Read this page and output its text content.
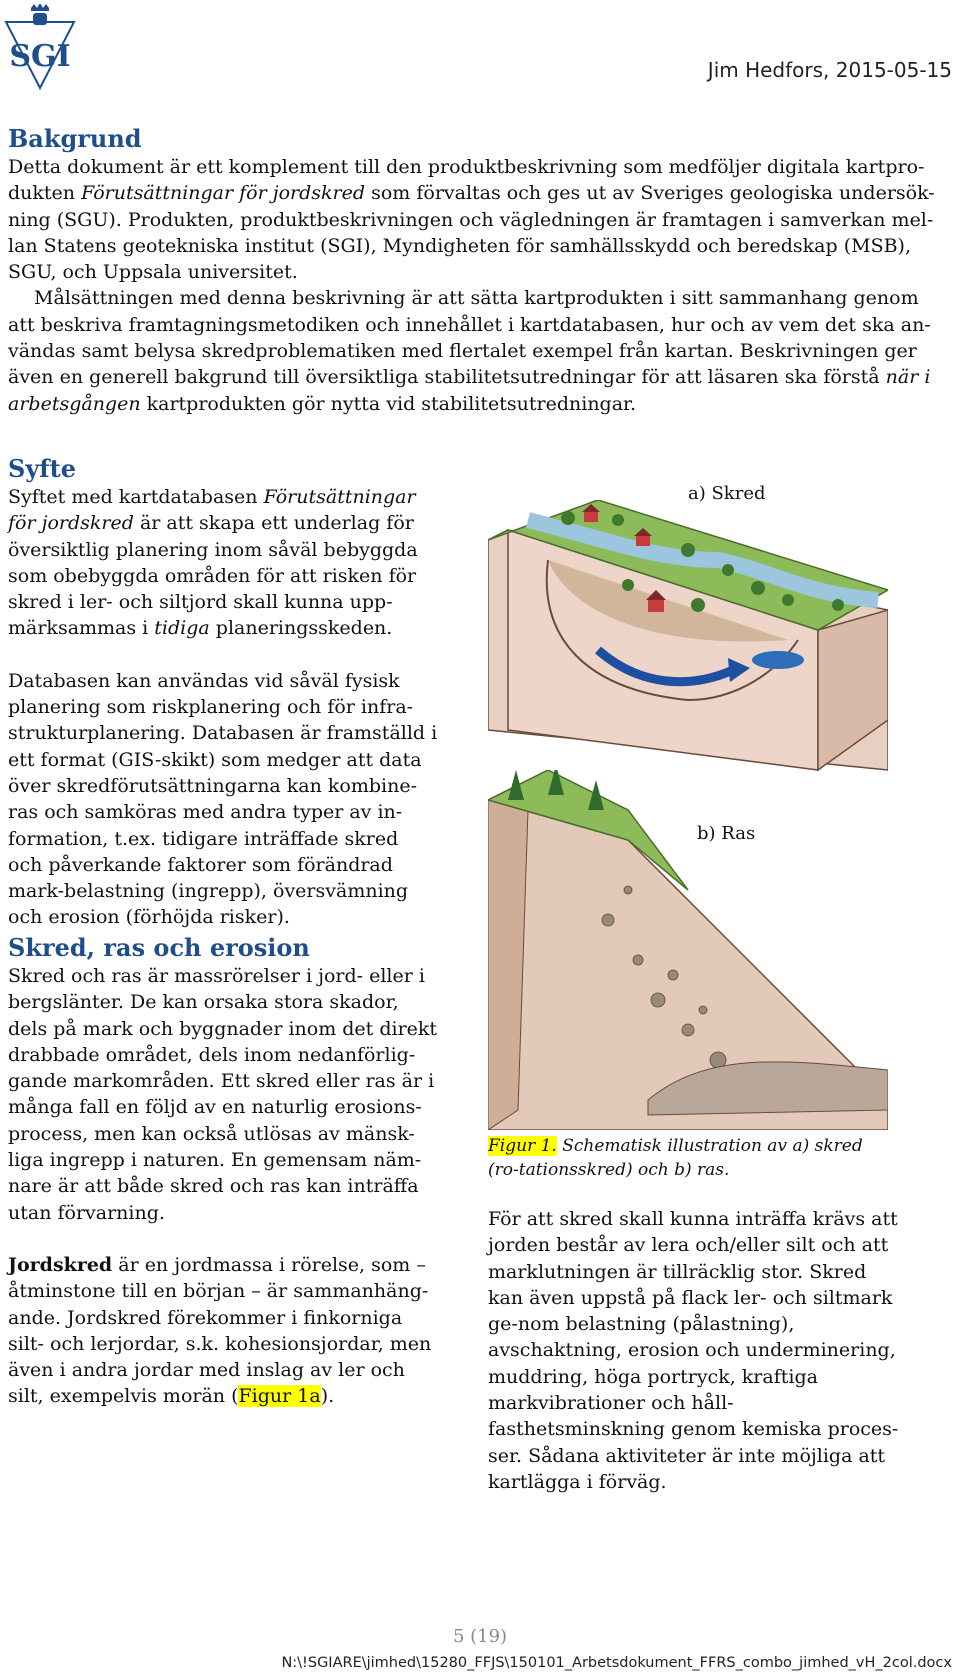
SGI	Jim Hedfors, 2015-05-15
Bakgrund

Detta dokument är ett komplement till den produktbeskrivning som medföljer digitala kartpro-dukten Förutsättningar för jordskred som förvaltas och ges ut av Sveriges geologiska undersök-ning (SGU). Produkten, produktbeskrivningen och vägledningen är framtagen i samverkan mel-lan Statens geotekniska institut (SGI), Myndigheten för samhällsskydd och beredskap (MSB), SGU, och Uppsala universitet.

Målsättningen med denna beskrivning är att sätta kartprodukten i sitt sammanhang genom att beskriva framtagningsmetodiken och innehållet i kartdatabasen, hur och av vem det ska an-vändas samt belysa skredproblematiken med flertalet exempel från kartan. Beskrivningen ger även en generell bakgrund till översiktliga stabilitetsutredningar för att läsaren ska förstå när i arbetsgången kartprodukten gör nytta vid stabilitetsutredningar.

Syfte

Syftet med kartdatabasen Förutsättningar för jordskred är att skapa ett underlag för översiktlig planering inom såväl bebyggda som obebyggda områden för att risken för skred i ler- och siltjord skall kunna upp-märksammas i tidiga planeringsskeden.

Databasen kan användas vid såväl fysisk planering som riskplanering och för infra-strukturplanering. Databasen är framställd i ett format (GIS-skikt) som medger att data över skredförutsättningarna kan kombine-ras och samköras med andra typer av in-formation, t.ex. tidigare inträffade skred och påverkande faktorer som förändrad mark-belastning (ingrepp), översvämning och erosion (förhöjda risker).

Skred, ras och erosion

Skred och ras är massrörelser i jord- eller i bergslänter. De kan orsaka stora skador, dels på mark och byggnader inom det direkt drabbade området, dels inom nedanförlig-gande markområden. Ett skred eller ras är i många fall en följd av en naturlig erosions-process, men kan också utlösas av mänsk-liga ingrepp i naturen. En gemensam näm-nare är att både skred och ras kan inträffa utan förvarning.

Jordskred är en jordmassa i rörelse, som – åtminstone till en början – är sammanhäng-ande. Jordskred förekommer i finkorniga silt- och lerjordar, s.k. kohesionsjordar, men även i andra jordar med inslag av ler och silt, exempelvis morän (Figur 1a).

a) Skred
b) Ras
Figur 1. Schematisk illustration av a) skred (ro-tationsskred) och b) ras.

För att skred skall kunna inträffa krävs att jorden består av lera och/eller silt och att marklutningen är tillräcklig stor. Skred kan även uppstå på flack ler- och siltmark ge-nom belastning (pålastning), avschaktning, erosion och underminering, muddring, höga portryck, kraftiga markvibrationer och håll-fasthetsminskning genom kemiska proces-ser. Sådana aktiviteter är inte möjliga att kartlägga i förväg.

5 (19)
N:\!SGIARE\jimhed\15280_FFJS\150101_Arbetsdokument_FFRS_combo_jimhed_vH_2col.docx
